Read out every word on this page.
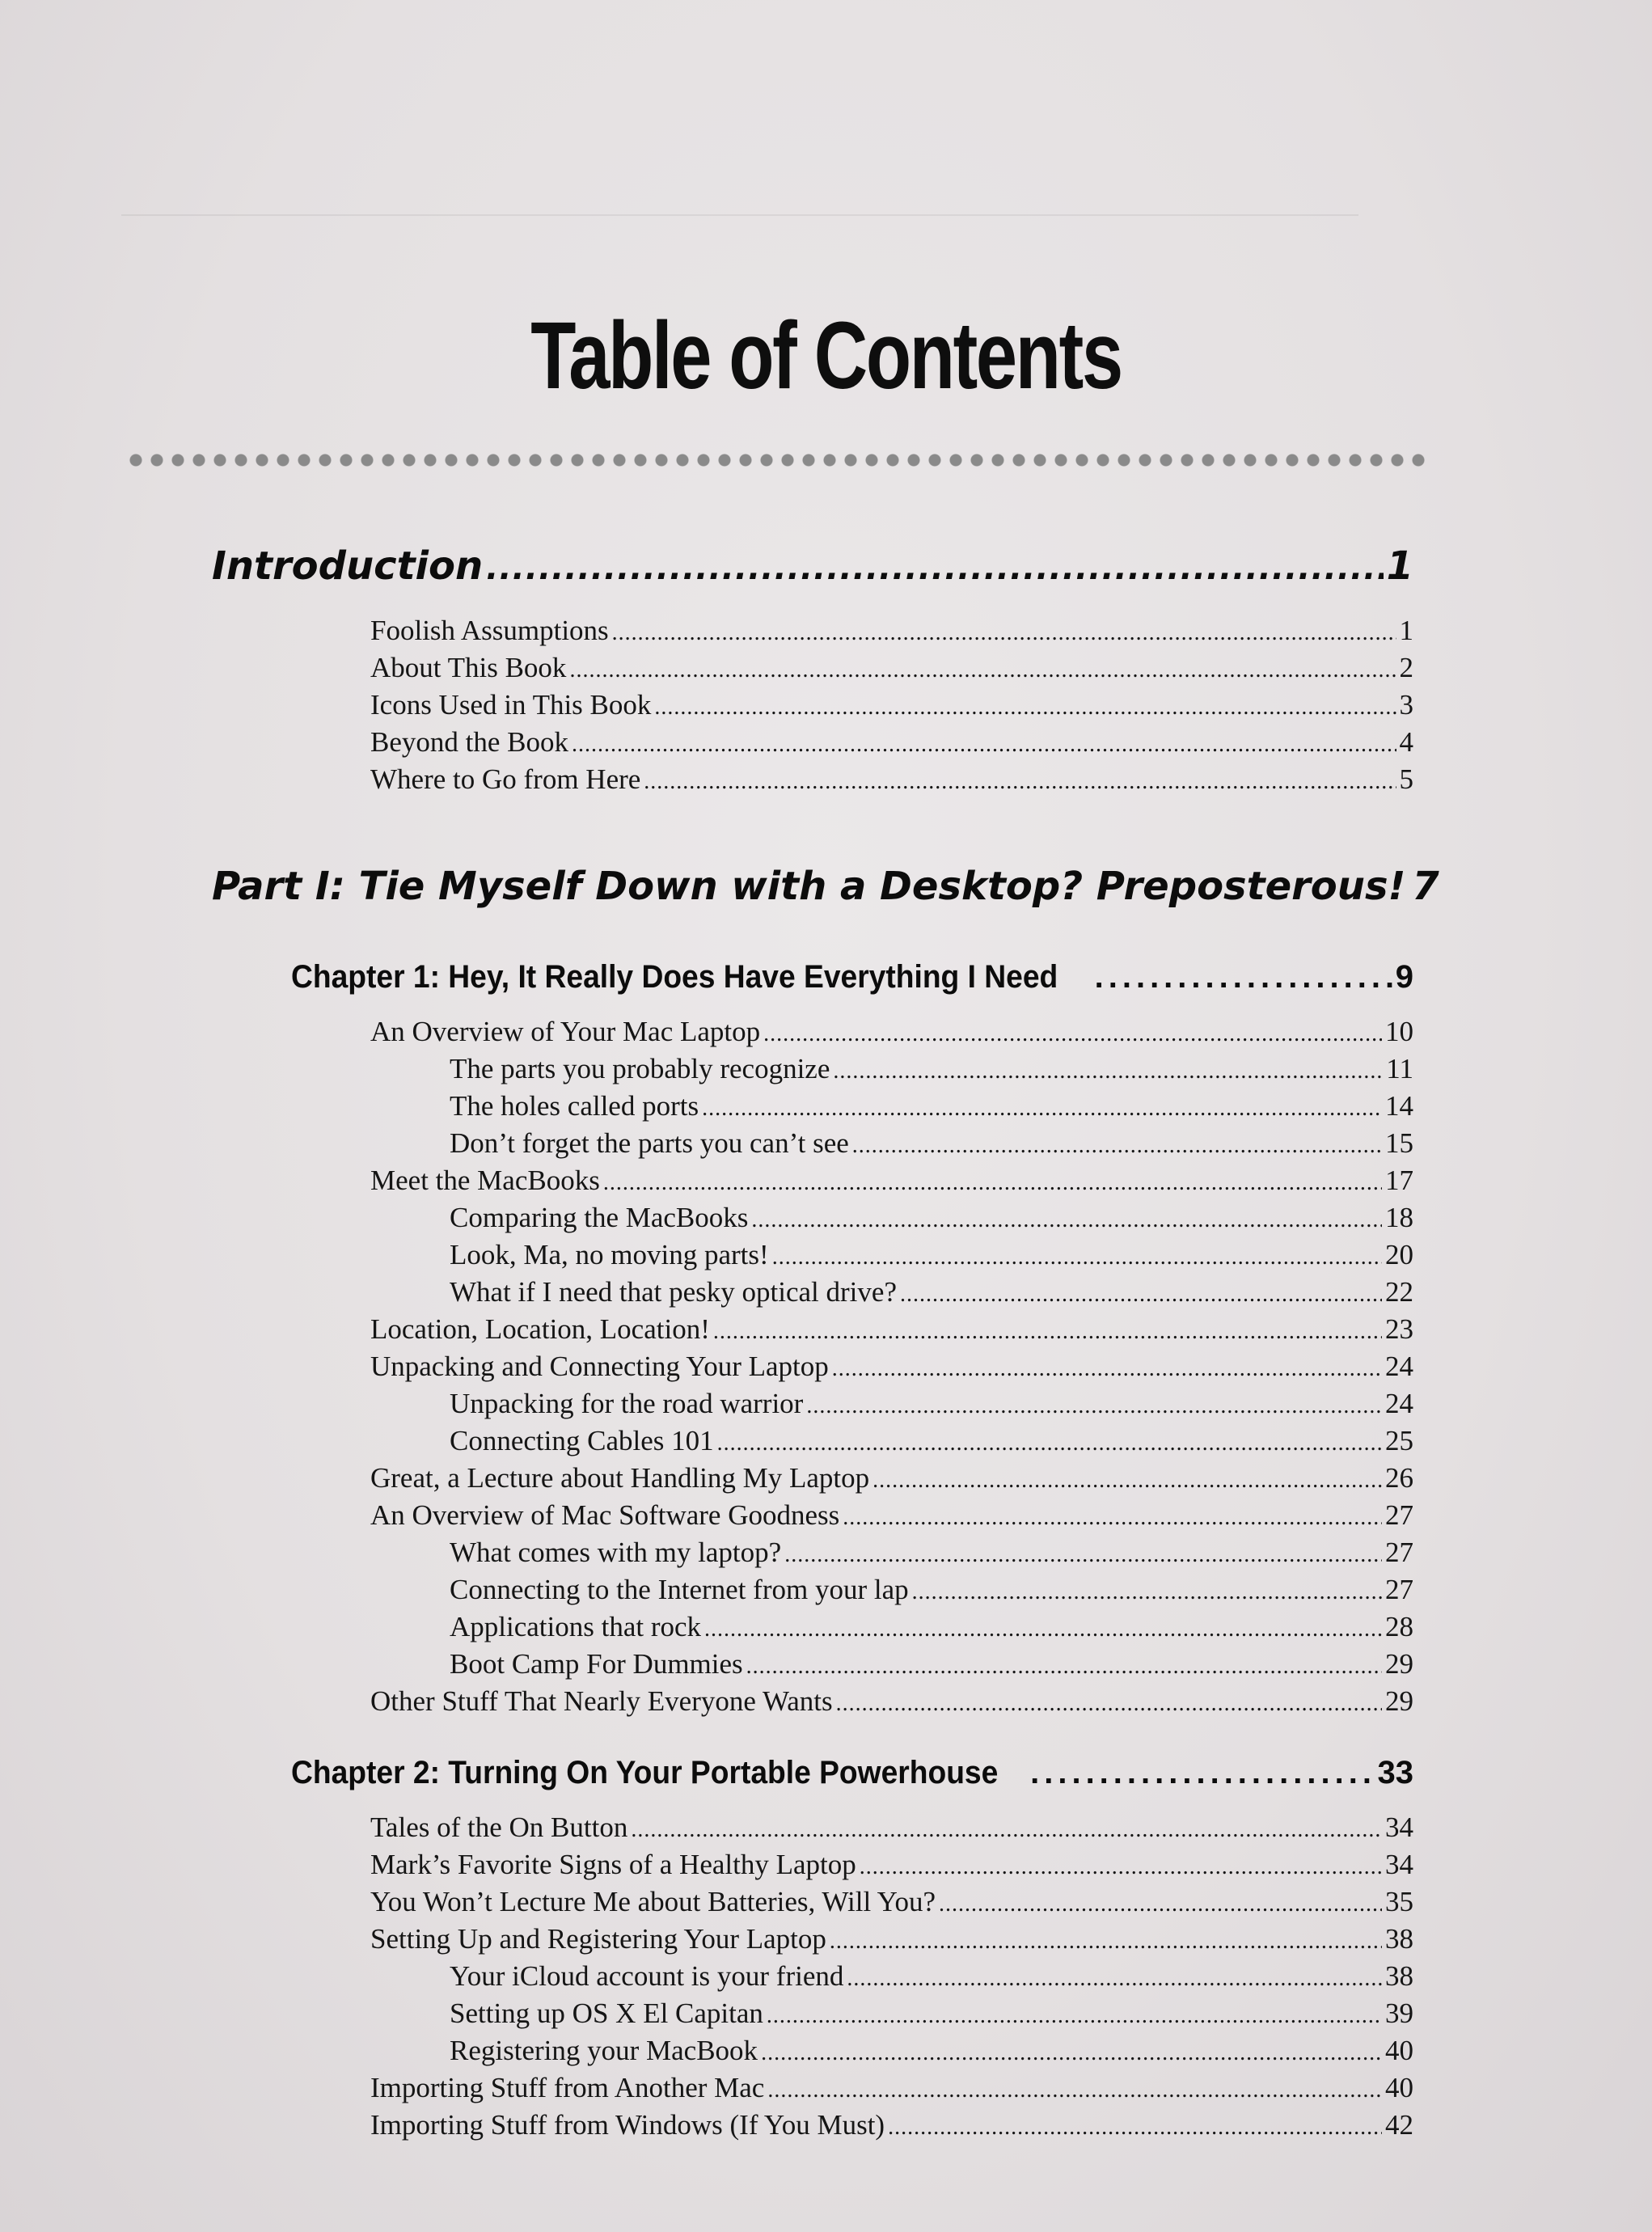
Table of Contents
Introduction .....	1
Foolish Assumptions .....	1
About This Book .....	2
Icons Used in This Book .....	3
Beyond the Book .....	4
Where to Go from Here .....	5
Part I: Tie Myself Down with a Desktop? Preposterous! 7
Chapter 1: Hey, It Really Does Have Everything I Need .....	9
An Overview of Your Mac Laptop .....	10
The parts you probably recognize .....	11
The holes called ports .....	14
Don’t forget the parts you can’t see .....	15
Meet the MacBooks .....	17
Comparing the MacBooks .....	18
Look, Ma, no moving parts! .....	20
What if I need that pesky optical drive? .....	22
Location, Location, Location! .....	23
Unpacking and Connecting Your Laptop .....	24
Unpacking for the road warrior .....	24
Connecting Cables 101 .....	25
Great, a Lecture about Handling My Laptop .....	26
An Overview of Mac Software Goodness .....	27
What comes with my laptop? .....	27
Connecting to the Internet from your lap .....	27
Applications that rock .....	28
Boot Camp For Dummies .....	29
Other Stuff That Nearly Everyone Wants .....	29
Chapter 2: Turning On Your Portable Powerhouse .....	33
Tales of the On Button .....	34
Mark’s Favorite Signs of a Healthy Laptop .....	34
You Won’t Lecture Me about Batteries, Will You? .....	35
Setting Up and Registering Your Laptop .....	38
Your iCloud account is your friend .....	38
Setting up OS X El Capitan .....	39
Registering your MacBook .....	40
Importing Stuff from Another Mac .....	40
Importing Stuff from Windows (If You Must) .....	42
